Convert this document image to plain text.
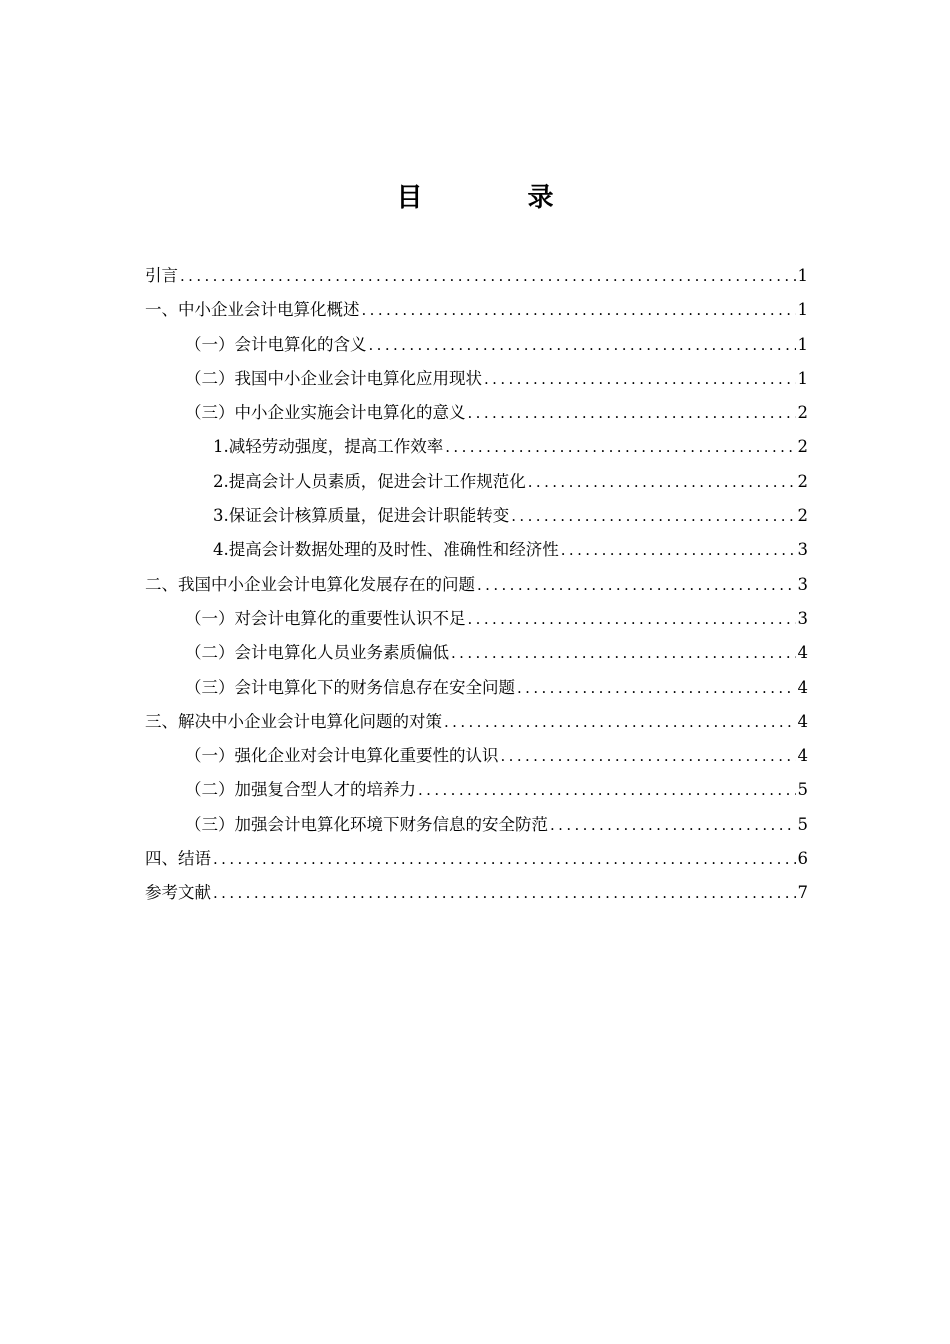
目 录
引言 .....	1
一、中小企业会计电算化概述 .....	1
（一）会计电算化的含义 .....	1
（二）我国中小企业会计电算化应用现状 .....	1
（三）中小企业实施会计电算化的意义 .....	2
1.减轻劳动强度，提高工作效率 .....	2
2.提高会计人员素质，促进会计工作规范化 .....	2
3.保证会计核算质量，促进会计职能转变 .....	2
4.提高会计数据处理的及时性、准确性和经济性 .....	3
二、我国中小企业会计电算化发展存在的问题 .....	3
（一）对会计电算化的重要性认识不足 .....	3
（二）会计电算化人员业务素质偏低 .....	4
（三）会计电算化下的财务信息存在安全问题 .....	4
三、解决中小企业会计电算化问题的对策 .....	4
（一）强化企业对会计电算化重要性的认识 .....	4
（二）加强复合型人才的培养力 .....	5
（三）加强会计电算化环境下财务信息的安全防范 .....	5
四、结语 .....	6
参考文献 .....	7
